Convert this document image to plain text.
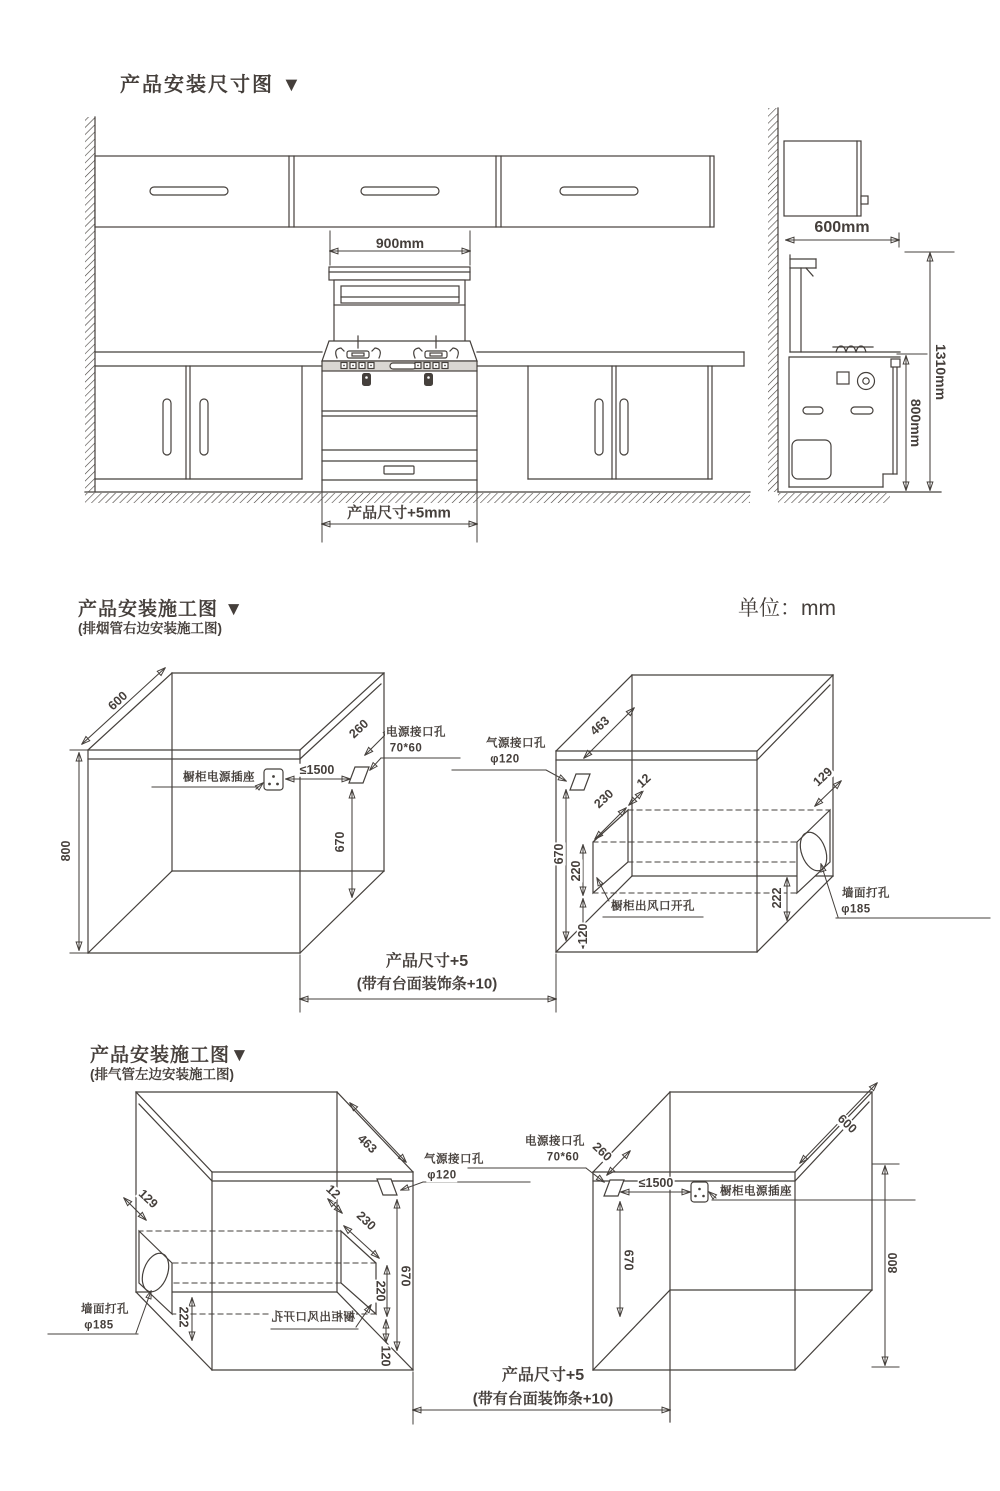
产品安装尺寸图 ▼
900mm
产品尺寸+5mm
600mm
1310mm
800mm
产品安装施工图 ▼
(排烟管右边安装施工图)
单位：mm
600
800
橱柜电源插座
≤1500
260 电源接口孔
70*60
670
气源接口孔
φ120
463
12
230
670
220
120
橱柜出风口开孔
129
222	墙面打孔
φ185
产品尺寸+5
(带有台面装饰条+10)
产品安装施工图▼
(排气管左边安装施工图)
129
222
墙面打孔
φ185
463
气源接口孔
φ120
12
230
670
220
120
橱柜出风口开孔
电源接口孔
70*60 260
≤1500
橱柜电源插座
670
600
800
产品尺寸+5
(带有台面装饰条+10)
